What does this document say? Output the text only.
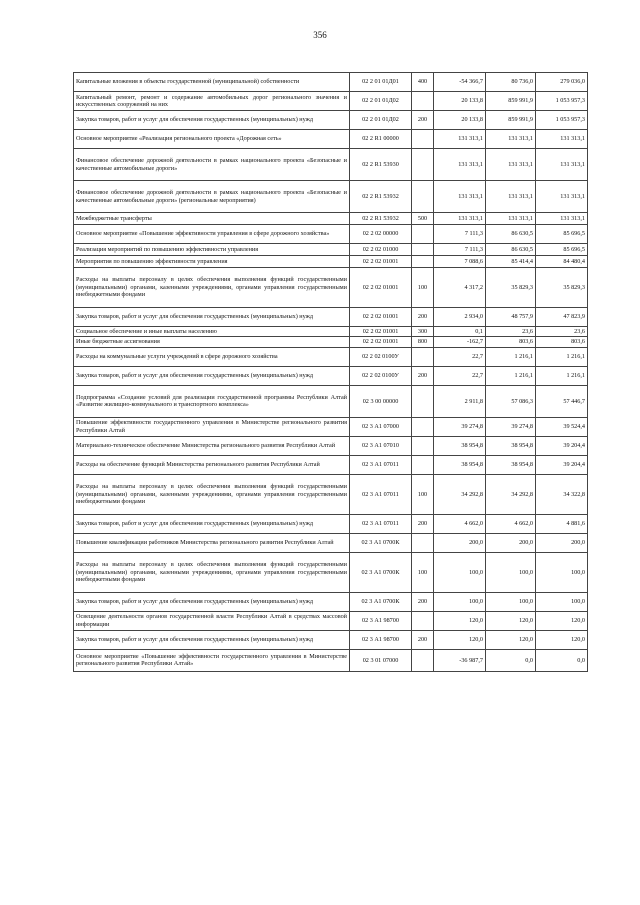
356
Капитальные вложения в объекты государственной (муниципальной) собственности	02 2 01 01Д01	400	-54 366,7	80 736,0	279 036,0
Капитальный ремонт, ремонт и содержание автомобильных дорог регионального значения и искусственных сооружений на них	02 2 01 01Д02		20 133,8	859 991,9	1 053 957,3
Закупка товаров, работ и услуг для обеспечения государственных (муниципальных) нужд	02 2 01 01Д02	200	20 133,8	859 991,9	1 053 957,3
Основное мероприятие «Реализация регионального проекта «Дорожная сеть»	02 2 R1 00000		131 313,1	131 313,1	131 313,1
Финансовое обеспечение дорожной деятельности в рамках национального проекта «Безопасные и качественные автомобильные дороги»	02 2 R1 53930		131 313,1	131 313,1	131 313,1
Финансовое обеспечение дорожной деятельности в рамках национального проекта «Безопасные и качественные автомобильные дороги» (региональные мероприятия)	02 2 R1 53932		131 313,1	131 313,1	131 313,1
Межбюджетные трансферты	02 2 R1 53932	500	131 313,1	131 313,1	131 313,1
Основное мероприятие «Повышение эффективности управления в сфере дорожного хозяйства»	02 2 02 00000		7 111,3	86 630,5	85 696,5
Реализация мероприятий по повышению эффективности управления	02 2 02 01000		7 111,3	86 630,5	85 696,5
Мероприятия по повышению эффективности управления	02 2 02 01001		7 088,6	85 414,4	84 480,4
Расходы на выплаты персоналу в целях обеспечения выполнения функций государственными (муниципальными) органами, казенными учреждениями, органами управления государственными внебюджетными фондами	02 2 02 01001	100	4 317,2	35 829,3	35 829,3
Закупка товаров, работ и услуг для обеспечения государственных (муниципальных) нужд	02 2 02 01001	200	2 934,0	48 757,9	47 823,9
Социальное обеспечение и иные выплаты населению	02 2 02 01001	300	0,1	23,6	23,6
Иные бюджетные ассигнования	02 2 02 01001	800	-162,7	803,6	803,6
Расходы на коммунальные услуги учреждений в сфере дорожного хозяйства	02 2 02 0100У		22,7	1 216,1	1 216,1
Закупка товаров, работ и услуг для обеспечения государственных (муниципальных) нужд	02 2 02 0100У	200	22,7	1 216,1	1 216,1
Подпрограмма «Создание условий для реализации государственной программы Республики Алтай «Развитие жилищно-коммунального и транспортного комплекса»	02 3 00 00000		2 911,8	57 086,3	57 446,7
Повышение эффективности государственного управления в Министерстве регионального развития Республики Алтай	02 3 А1 07000		39 274,8	39 274,8	39 524,4
Материально-техническое обеспечение Министерства регионального развития Республики Алтай	02 3 А1 07010		38 954,8	38 954,8	39 204,4
Расходы на обеспечение функций Министерства регионального развития Республики Алтай	02 3 А1 07011		38 954,8	38 954,8	39 204,4
Расходы на выплаты персоналу в целях обеспечения выполнения функций государственными (муниципальными) органами, казенными учреждениями, органами управления государственными внебюджетными фондами	02 3 А1 07011	100	34 292,8	34 292,8	34 322,8
Закупка товаров, работ и услуг для обеспечения государственных (муниципальных) нужд	02 3 А1 07011	200	4 662,0	4 662,0	4 881,6
Повышение квалификации работников Министерства регионального развития Республики Алтай	02 3 А1 0700К		200,0	200,0	200,0
Расходы на выплаты персоналу в целях обеспечения выполнения функций государственными (муниципальными) органами, казенными учреждениями, органами управления государственными внебюджетными фондами	02 3 А1 0700К	100	100,0	100,0	100,0
Закупка товаров, работ и услуг для обеспечения государственных (муниципальных) нужд	02 3 А1 0700К	200	100,0	100,0	100,0
Освещение деятельности органов государственной власти Республики Алтай в средствах массовой информации	02 3 А1 98700		120,0	120,0	120,0
Закупка товаров, работ и услуг для обеспечения государственных (муниципальных) нужд	02 3 А1 98700	200	120,0	120,0	120,0
Основное мероприятие «Повышение эффективности государственного управления в Министерстве регионального развития Республики Алтай»	02 3 01 07000		-36 987,7	0,0	0,0
